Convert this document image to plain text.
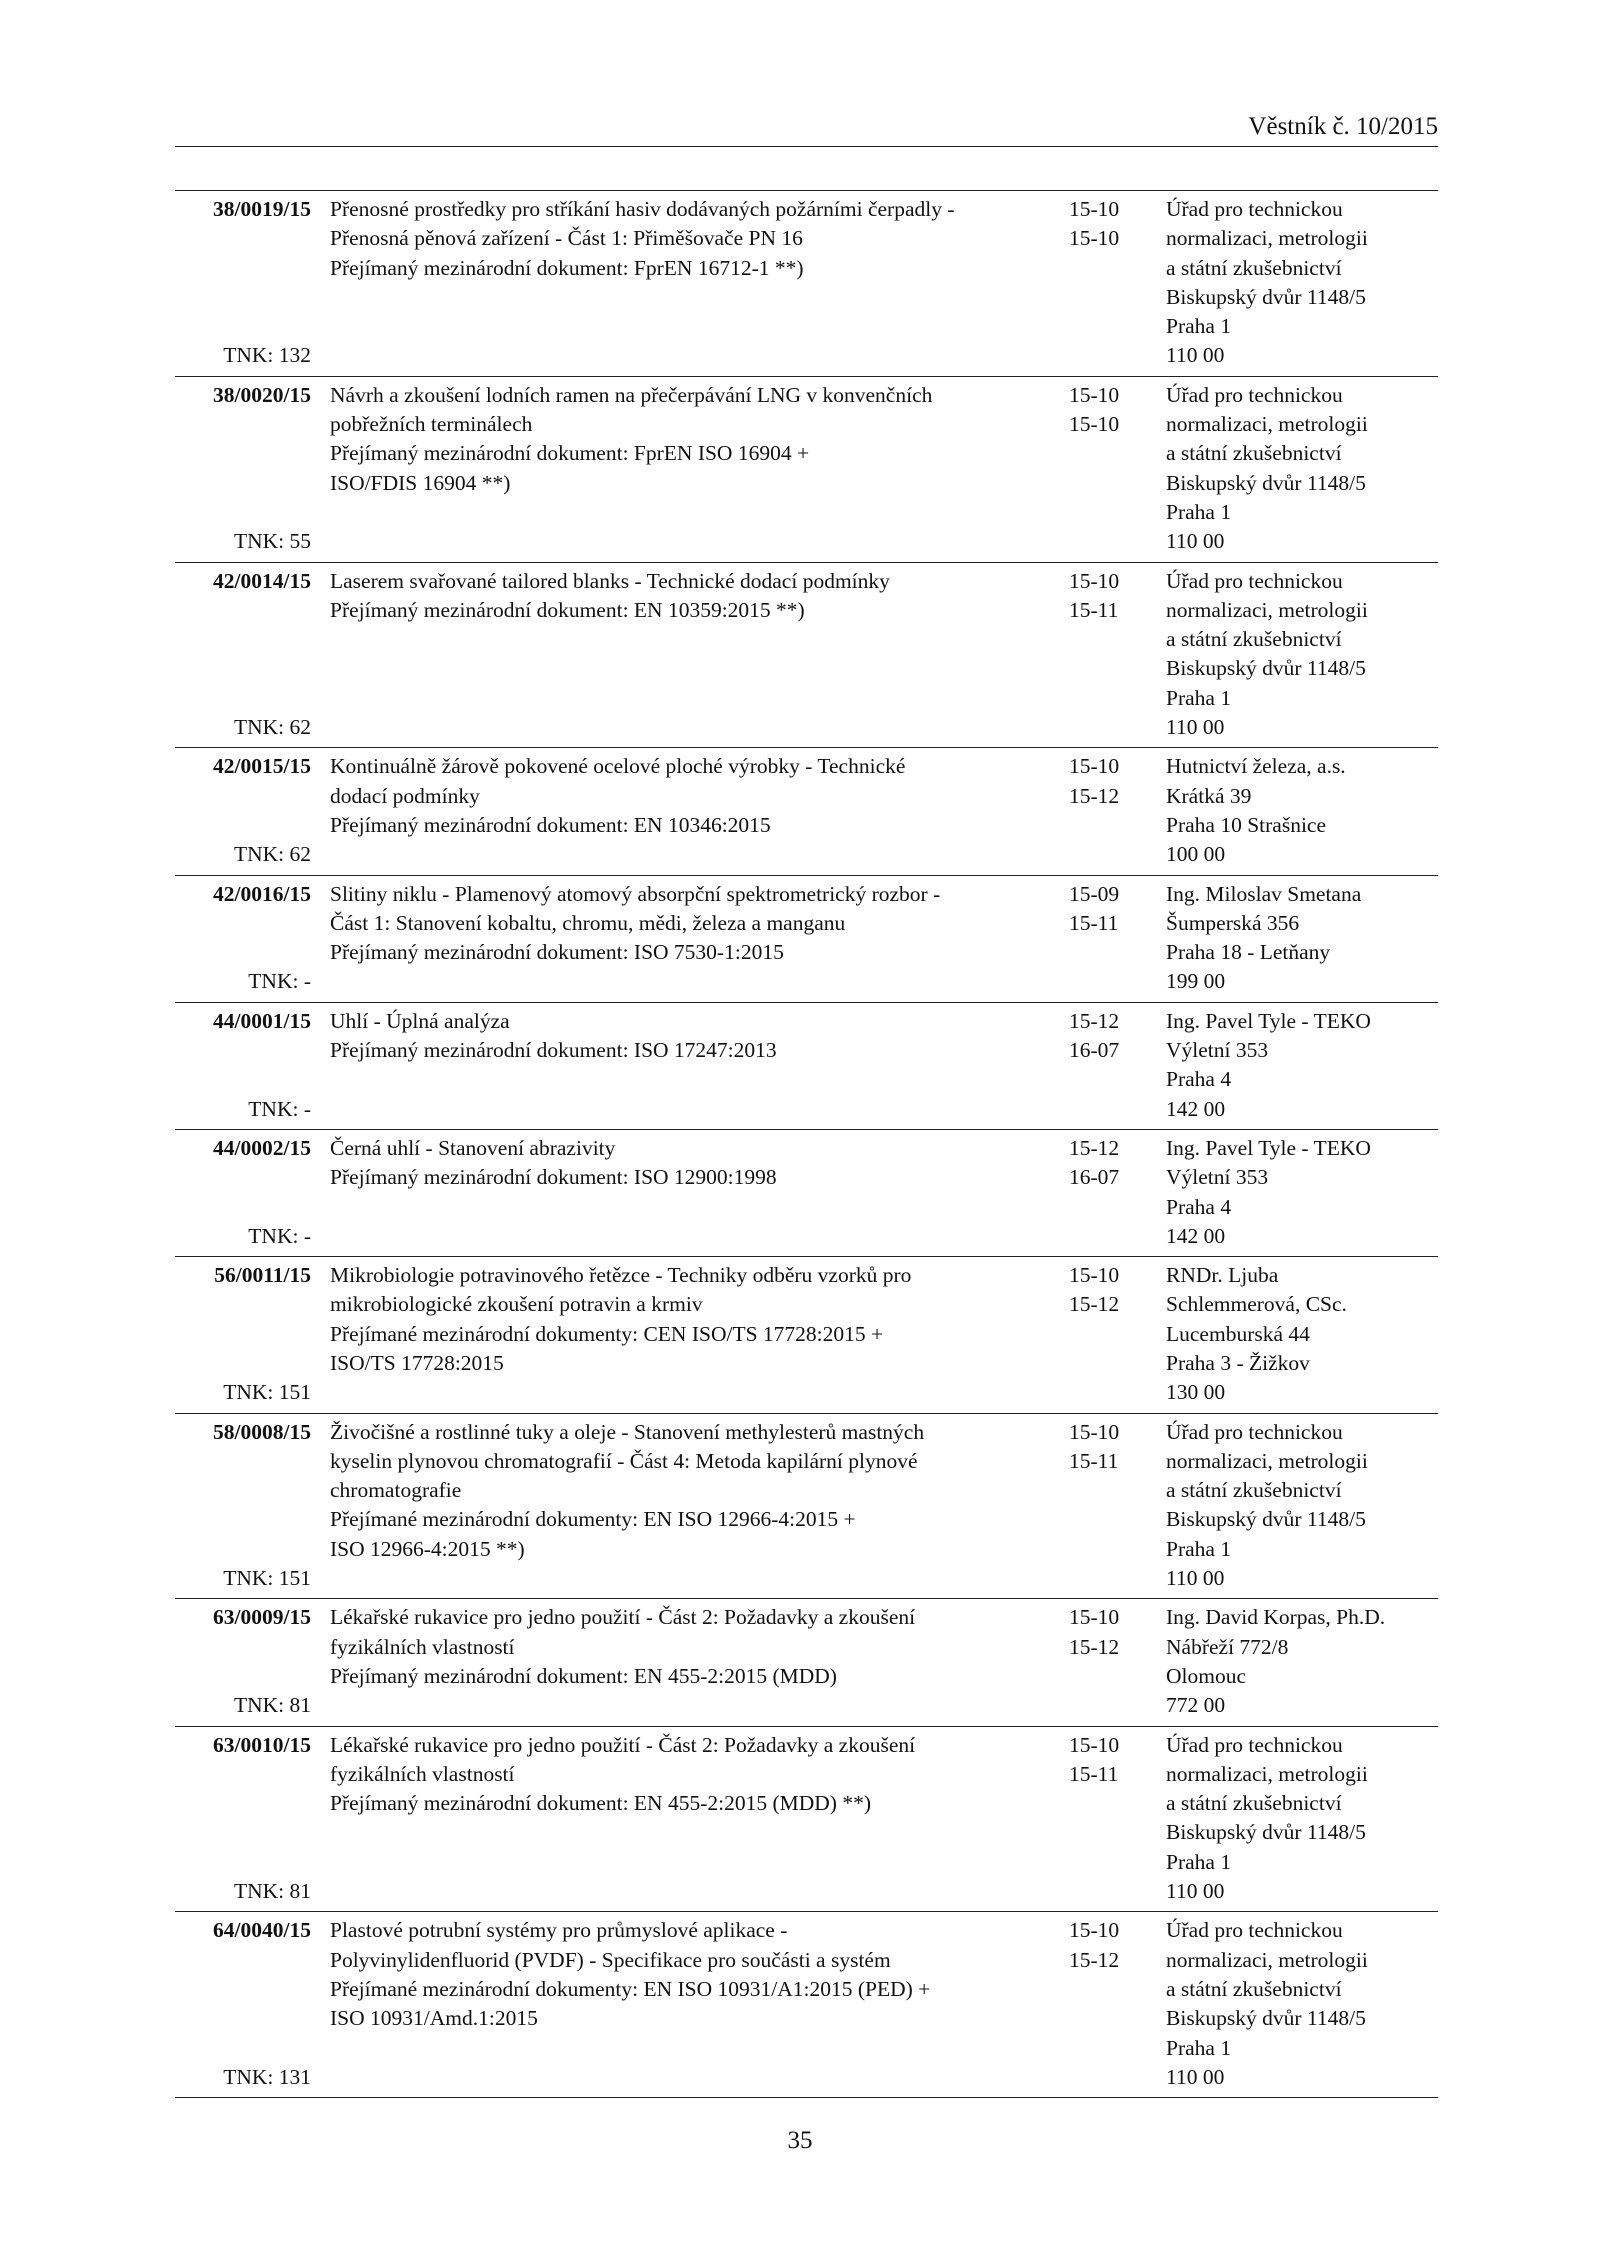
Věstník č. 10/2015
38/0019/15
TNK: 132
Přenosné prostředky pro stříkání hasiv dodávaných požárními čerpadly -
Přenosná pěnová zařízení - Část 1: Přiměšovače PN 16
Přejímaný mezinárodní dokument: FprEN 16712-1 **)
15-10
15-10
Úřad pro technickou
normalizaci, metrologii
a státní zkušebnictví
Biskupský dvůr 1148/5
Praha 1
110 00
38/0020/15
TNK: 55
Návrh a zkoušení lodních ramen na přečerpávání LNG v konvenčních
pobřežních terminálech
Přejímaný mezinárodní dokument: FprEN ISO 16904 +
ISO/FDIS 16904 **)
15-10
15-10
Úřad pro technickou
normalizaci, metrologii
a státní zkušebnictví
Biskupský dvůr 1148/5
Praha 1
110 00
42/0014/15
TNK: 62
Laserem svařované tailored blanks - Technické dodací podmínky
Přejímaný mezinárodní dokument: EN 10359:2015 **)
15-10
15-11
Úřad pro technickou
normalizaci, metrologii
a státní zkušebnictví
Biskupský dvůr 1148/5
Praha 1
110 00
42/0015/15
TNK: 62
Kontinuálně žárově pokovené ocelové ploché výrobky - Technické
dodací podmínky
Přejímaný mezinárodní dokument: EN 10346:2015
15-10
15-12
Hutnictví železa, a.s.
Krátká 39
Praha 10 Strašnice
100 00
42/0016/15
TNK: -
Slitiny niklu - Plamenový atomový absorpční spektrometrický rozbor -
Část 1: Stanovení kobaltu, chromu, mědi, železa a manganu
Přejímaný mezinárodní dokument: ISO 7530-1:2015
15-09
15-11
Ing. Miloslav Smetana
Šumperská 356
Praha 18 - Letňany
199 00
44/0001/15
TNK: -
Uhlí - Úplná analýza
Přejímaný mezinárodní dokument: ISO 17247:2013
15-12
16-07
Ing. Pavel Tyle - TEKO
Výletní 353
Praha 4
142 00
44/0002/15
TNK: -
Černá uhlí - Stanovení abrazivity
Přejímaný mezinárodní dokument: ISO 12900:1998
15-12
16-07
Ing. Pavel Tyle - TEKO
Výletní 353
Praha 4
142 00
56/0011/15
TNK: 151
Mikrobiologie potravinového řetězce - Techniky odběru vzorků pro
mikrobiologické zkoušení potravin a krmiv
Přejímané mezinárodní dokumenty: CEN ISO/TS 17728:2015 +
ISO/TS 17728:2015
15-10
15-12
RNDr. Ljuba
Schlemmerová, CSc.
Lucemburská 44
Praha 3 - Žižkov
130 00
58/0008/15
TNK: 151
Živočišné a rostlinné tuky a oleje - Stanovení methylesterů mastných
kyselin plynovou chromatografií - Část 4: Metoda kapilární plynové
chromatografie
Přejímané mezinárodní dokumenty: EN ISO 12966-4:2015 +
ISO 12966-4:2015 **)
15-10
15-11
Úřad pro technickou
normalizaci, metrologii
a státní zkušebnictví
Biskupský dvůr 1148/5
Praha 1
110 00
63/0009/15
TNK: 81
Lékařské rukavice pro jedno použití - Část 2: Požadavky a zkoušení
fyzikálních vlastností
Přejímaný mezinárodní dokument: EN 455-2:2015 (MDD)
15-10
15-12
Ing. David Korpas, Ph.D.
Nábřeží 772/8
Olomouc
772 00
63/0010/15
TNK: 81
Lékařské rukavice pro jedno použití - Část 2: Požadavky a zkoušení
fyzikálních vlastností
Přejímaný mezinárodní dokument: EN 455-2:2015 (MDD) **)
15-10
15-11
Úřad pro technickou
normalizaci, metrologii
a státní zkušebnictví
Biskupský dvůr 1148/5
Praha 1
110 00
64/0040/15
TNK: 131
Plastové potrubní systémy pro průmyslové aplikace -
Polyvinylidenfluorid (PVDF) - Specifikace pro součásti a systém
Přejímané mezinárodní dokumenty: EN ISO 10931/A1:2015 (PED) +
ISO 10931/Amd.1:2015
15-10
15-12
Úřad pro technickou
normalizaci, metrologii
a státní zkušebnictví
Biskupský dvůr 1148/5
Praha 1
110 00
35
